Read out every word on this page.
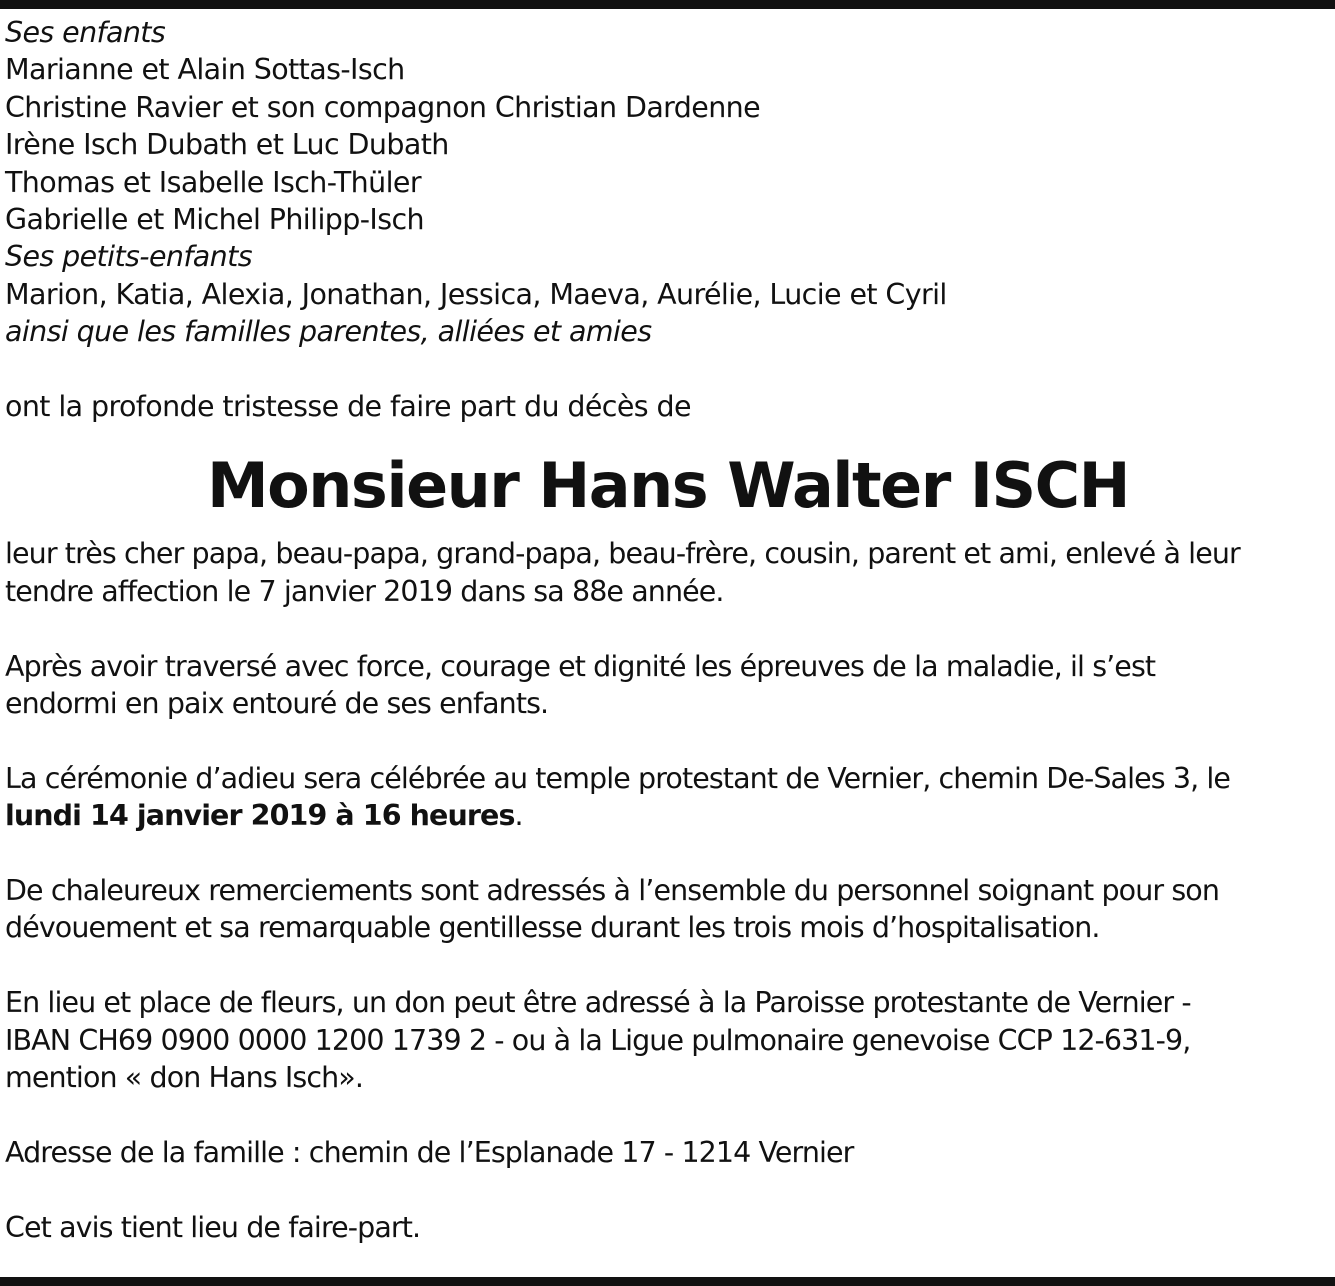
Ses enfants
Marianne et Alain Sottas-Isch
Christine Ravier et son compagnon Christian Dardenne
Irène Isch Dubath et Luc Dubath
Thomas et Isabelle Isch-Thüler
Gabrielle et Michel Philipp-Isch
Ses petits-enfants
Marion, Katia, Alexia, Jonathan, Jessica, Maeva, Aurélie, Lucie et Cyril
ainsi que les familles parentes, alliées et amies
ont la profonde tristesse de faire part du décès de
Monsieur Hans Walter ISCH
leur très cher papa, beau-papa, grand-papa, beau-frère, cousin, parent et ami, enlevé à leur
tendre affection le 7 janvier 2019 dans sa 88e année.
Après avoir traversé avec force, courage et dignité les épreuves de la maladie, il s’est
endormi en paix entouré de ses enfants.
La cérémonie d’adieu sera célébrée au temple protestant de Vernier, chemin De-Sales 3, le
lundi 14 janvier 2019 à 16 heures.
De chaleureux remerciements sont adressés à l’ensemble du personnel soignant pour son
dévouement et sa remarquable gentillesse durant les trois mois d’hospitalisation.
En lieu et place de fleurs, un don peut être adressé à la Paroisse protestante de Vernier -
IBAN CH69 0900 0000 1200 1739 2 - ou à la Ligue pulmonaire genevoise CCP 12-631-9,
mention « don Hans Isch».
Adresse de la famille : chemin de l’Esplanade 17 - 1214 Vernier
Cet avis tient lieu de faire-part.
